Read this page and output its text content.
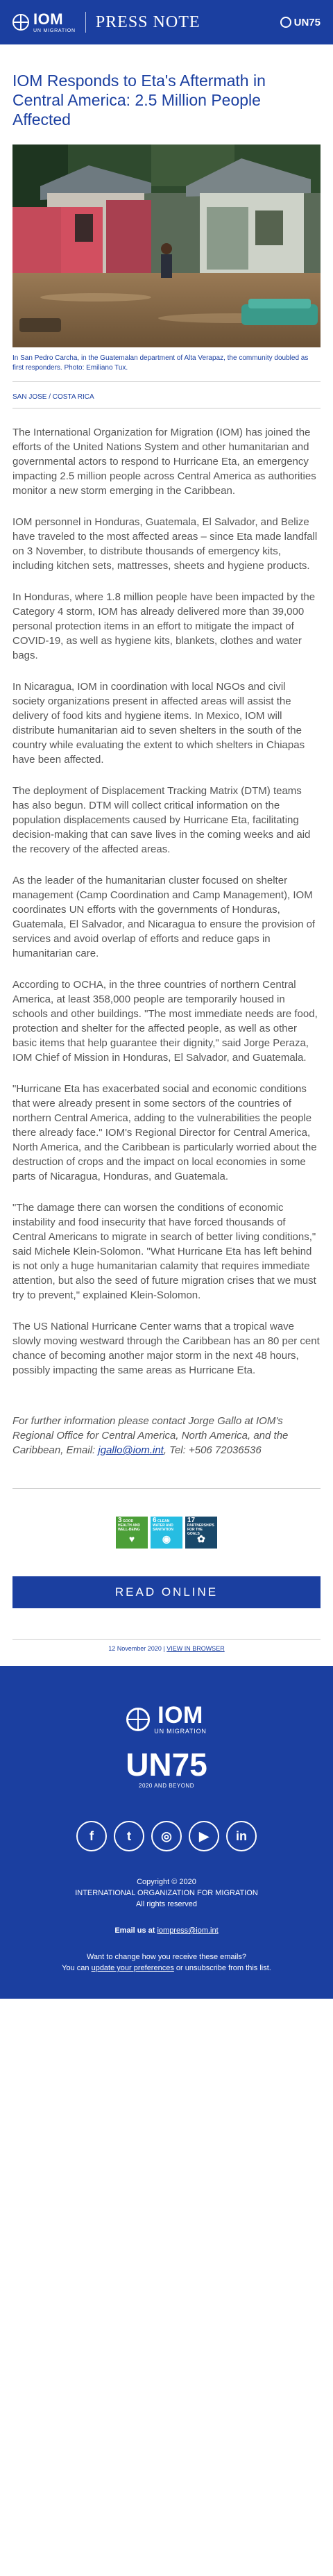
IOM
UN MIGRATION PRESS NOTE	UN75
IOM Responds to Eta's Aftermath in Central America: 2.5 Million People Affected

In San Pedro Carcha, in the Guatemalan department of Alta Verapaz, the community doubled as first responders. Photo: Emiliano Tux.

SAN JOSE / COSTA RICA

The International Organization for Migration (IOM) has joined the efforts of the United Nations System and other humanitarian and governmental actors to respond to Hurricane Eta, an emergency impacting 2.5 million people across Central America as authorities monitor a new storm emerging in the Caribbean.

IOM personnel in Honduras, Guatemala, El Salvador, and Belize have traveled to the most affected areas – since Eta made landfall on 3 November, to distribute thousands of emergency kits, including kitchen sets, mattresses, sheets and hygiene products.

In Honduras, where 1.8 million people have been impacted by the Category 4 storm, IOM has already delivered more than 39,000 personal protection items in an effort to mitigate the impact of COVID-19, as well as hygiene kits, blankets, clothes and water bags.

In Nicaragua, IOM in coordination with local NGOs and civil society organizations present in affected areas will assist the delivery of food kits and hygiene items. In Mexico, IOM will distribute humanitarian aid to seven shelters in the south of the country while evaluating the extent to which shelters in Chiapas have been affected.

The deployment of Displacement Tracking Matrix (DTM) teams has also begun. DTM will collect critical information on the population displacements caused by Hurricane Eta, facilitating decision-making that can save lives in the coming weeks and aid the recovery of the affected areas.

As the leader of the humanitarian cluster focused on shelter management (Camp Coordination and Camp Management), IOM coordinates UN efforts with the governments of Honduras, Guatemala, El Salvador, and Nicaragua to ensure the provision of services and avoid overlap of efforts and reduce gaps in humanitarian care.

According to OCHA, in the three countries of northern Central America, at least 358,000 people are temporarily housed in schools and other buildings. "The most immediate needs are food, protection and shelter for the affected people, as well as other basic items that help guarantee their dignity," said Jorge Peraza, IOM Chief of Mission in Honduras, El Salvador, and Guatemala.

"Hurricane Eta has exacerbated social and economic conditions that were already present in some sectors of the countries of northern Central America, adding to the vulnerabilities the people there already face." IOM's Regional Director for Central America, North America, and the Caribbean is particularly worried about the destruction of crops and the impact on local economies in some parts of Nicaragua, Honduras, and Guatemala.

"The damage there can worsen the conditions of economic instability and food insecurity that have forced thousands of Central Americans to migrate in search of better living conditions," said Michele Klein-Solomon. "What Hurricane Eta has left behind is not only a huge humanitarian calamity that requires immediate attention, but also the seed of future migration crises that we must try to prevent," explained Klein-Solomon.

The US National Hurricane Center warns that a tropical wave slowly moving westward through the Caribbean has an 80 per cent chance of becoming another major storm in the next 48 hours, possibly impacting the same areas as Hurricane Eta.

For further information please contact Jorge Gallo at IOM's Regional Office for Central America, North America, and the Caribbean, Email: jgallo@iom.int, Tel: +506 72036536

3 GOOD HEALTH AND WELL-BEING
♥
6 CLEAN WATER AND SANITATION
◉
17 PARTNERSHIPS FOR THE GOALS
✿
READ ONLINE

12 November 2020 | VIEW IN BROWSER

IOM
UN MIGRATION
UN75
2020 AND BEYOND
f	t	◎	▶	in
Copyright © 2020
INTERNATIONAL ORGANIZATION FOR MIGRATION
All rights reserved
Email us at iompress@iom.int
Want to change how you receive these emails?
You can update your preferences or unsubscribe from this list.
